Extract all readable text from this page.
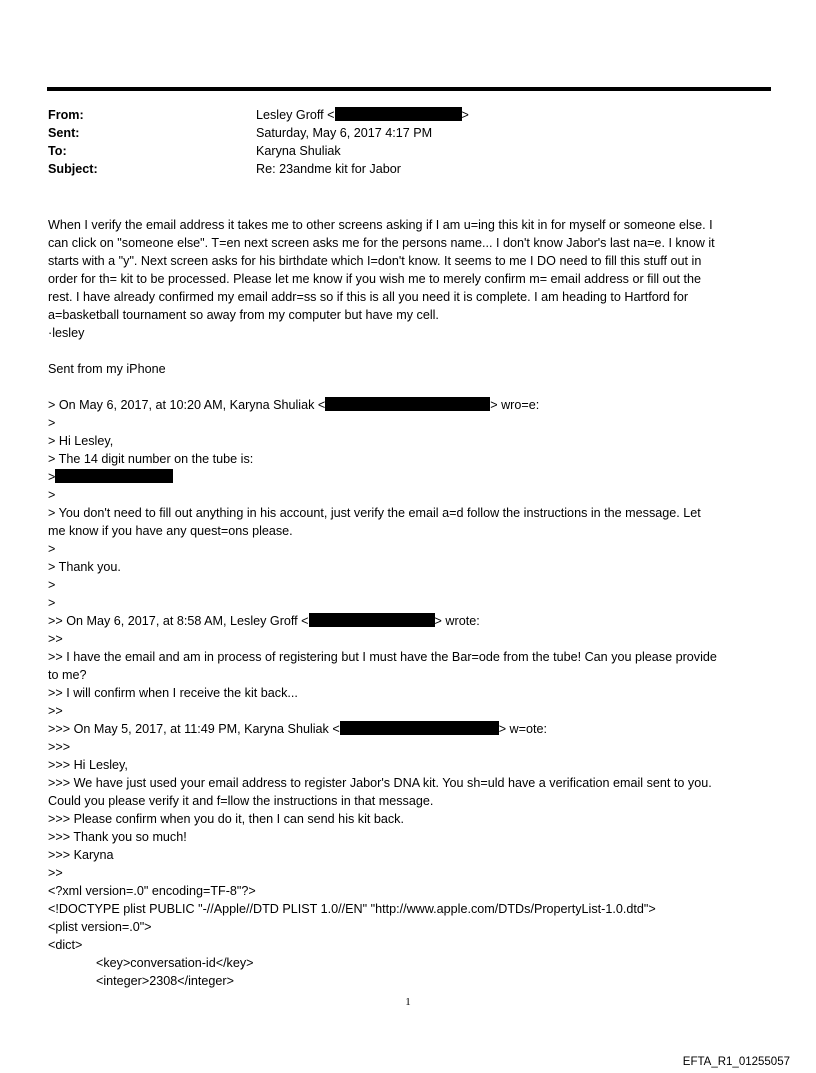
From:	Lesley Groff <	>
Sent:	Saturday, May 6, 2017 4:17 PM
To:	Karyna Shuliak
Subject:	Re: 23andme kit for Jabor
When I verify the email address it takes me to other screens asking if I am u=ing this kit in for myself or someone else. I
can click on "someone else". T=en next screen asks me for the persons name... I don't know Jabor's last na=e. I know it
starts with a "y". Next screen asks for his birthdate which I=don't know. It seems to me I DO need to fill this stuff out in
order for th= kit to be processed. Please let me know if you wish me to merely confirm m= email address or fill out the
rest. I have already confirmed my email addr=ss so if this is all you need it is complete. I am heading to Hartford for
a=basketball tournament so away from my computer but have my cell.
·lesley
Sent from my iPhone
> On May 6, 2017, at 10:20 AM, Karyna Shuliak <	> wro=e:
>
> Hi Lesley,
> The 14 digit number on the tube is:
>
>
> You don't need to fill out anything in his account, just verify the email a=d follow the instructions in the message. Let
me know if you have any quest=ons please.
>
> Thank you.
>
>
>> On May 6, 2017, at 8:58 AM, Lesley Groff <	> wrote:
>>
>> I have the email and am in process of registering but I must have the Bar=ode from the tube! Can you please provide
to me?
>> I will confirm when I receive the kit back...
>>
>>> On May 5, 2017, at 11:49 PM, Karyna Shuliak <	> w=ote:
>>>
>>> Hi Lesley,
>>> We have just used your email address to register Jabor's DNA kit. You sh=uld have a verification email sent to you.
Could you please verify it and f=llow the instructions in that message.
>>> Please confirm when you do it, then I can send his kit back.
>>> Thank you so much!
>>> Karyna
>>
<?xml version=.0" encoding=TF-8"?>
<!DOCTYPE plist PUBLIC "-//Apple//DTD PLIST 1.0//EN" "http://www.apple.com/DTDs/PropertyList-1.0.dtd">
<plist version=.0">
<dict>
<key>conversation-id</key>
<integer>2308</integer>
1
EFTA_R1_01255057
